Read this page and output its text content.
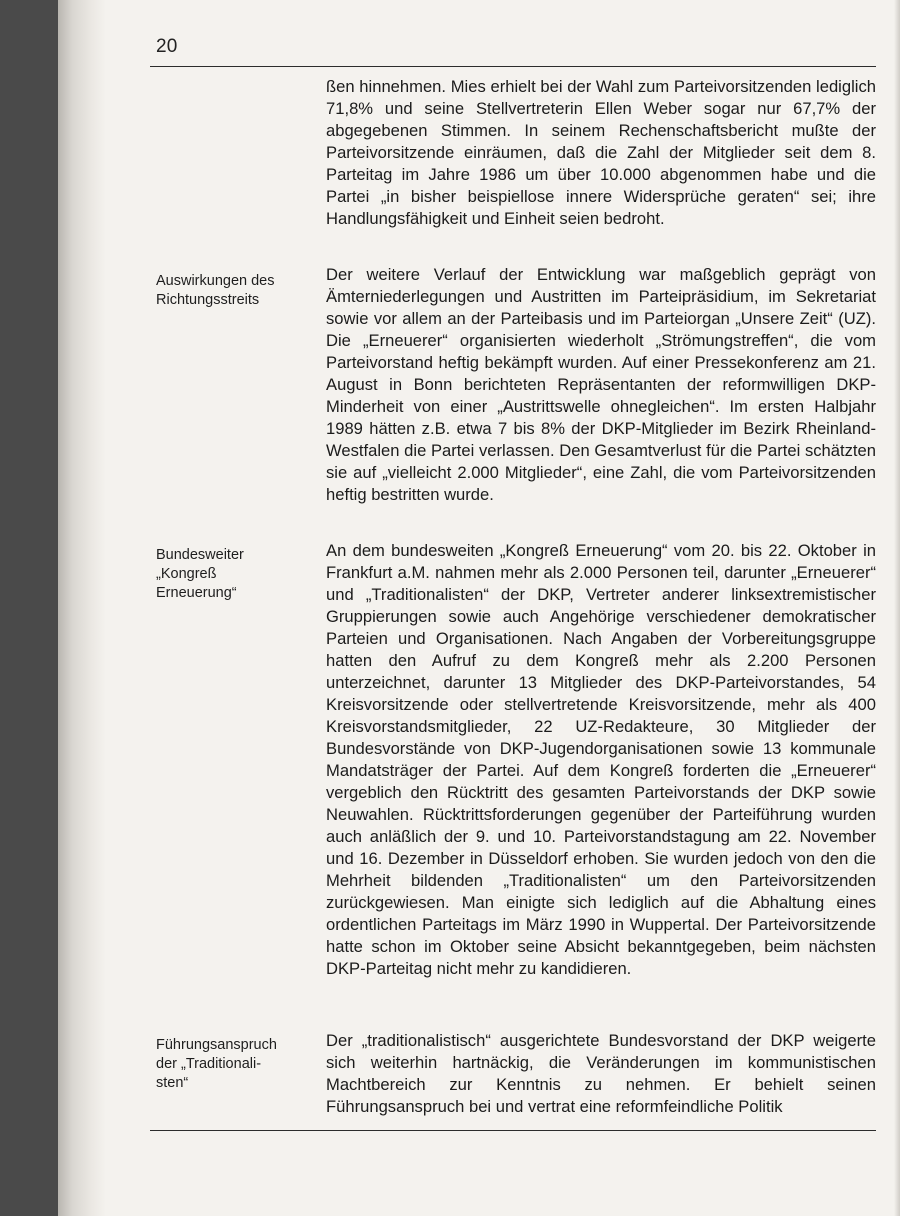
20
ßen hinnehmen. Mies erhielt bei der Wahl zum Parteivorsitzenden lediglich 71,8% und seine Stellvertreterin Ellen Weber sogar nur 67,7% der abgegebenen Stimmen. In seinem Rechenschaftsbericht mußte der Parteivorsitzende einräumen, daß die Zahl der Mitglieder seit dem 8. Parteitag im Jahre 1986 um über 10.000 abgenommen habe und die Partei „in bisher beispiellose innere Widersprüche geraten“ sei; ihre Handlungsfähigkeit und Einheit seien bedroht.
Auswirkungen des
Richtungsstreits
Der weitere Verlauf der Entwicklung war maßgeblich geprägt von Ämterniederlegungen und Austritten im Parteipräsidium, im Sekretariat sowie vor allem an der Parteibasis und im Parteiorgan „Unsere Zeit“ (UZ). Die „Erneuerer“ organisierten wiederholt „Strömungstreffen“, die vom Parteivorstand heftig bekämpft wurden. Auf einer Pressekonferenz am 21. August in Bonn berichteten Repräsentanten der reformwilligen DKP-Minderheit von einer „Austrittswelle ohnegleichen“. Im ersten Halbjahr 1989 hätten z.B. etwa 7 bis 8% der DKP-Mitglieder im Bezirk Rheinland-Westfalen die Partei verlassen. Den Gesamtverlust für die Partei schätzten sie auf „vielleicht 2.000 Mitglieder“, eine Zahl, die vom Parteivorsitzenden heftig bestritten wurde.
Bundesweiter
„Kongreß
Erneuerung“
An dem bundesweiten „Kongreß Erneuerung“ vom 20. bis 22. Oktober in Frankfurt a.M. nahmen mehr als 2.000 Personen teil, darunter „Erneuerer“ und „Traditionalisten“ der DKP, Vertreter anderer linksextremistischer Gruppierungen sowie auch Angehörige verschiedener demokratischer Parteien und Organisationen. Nach Angaben der Vorbereitungsgruppe hatten den Aufruf zu dem Kongreß mehr als 2.200 Personen unterzeichnet, darunter 13 Mitglieder des DKP-Parteivorstandes, 54 Kreisvorsitzende oder stellvertretende Kreisvorsitzende, mehr als 400 Kreisvorstandsmitglieder, 22 UZ-Redakteure, 30 Mitglieder der Bundesvorstände von DKP-Jugendorganisationen sowie 13 kommunale Mandatsträger der Partei. Auf dem Kongreß forderten die „Erneuerer“ vergeblich den Rücktritt des gesamten Parteivorstands der DKP sowie Neuwahlen. Rücktrittsforderungen gegenüber der Parteiführung wurden auch anläßlich der 9. und 10. Parteivorstandstagung am 22. November und 16. Dezember in Düsseldorf erhoben. Sie wurden jedoch von den die Mehrheit bildenden „Traditionalisten“ um den Parteivorsitzenden zurückgewiesen. Man einigte sich lediglich auf die Abhaltung eines ordentlichen Parteitags im März 1990 in Wuppertal. Der Parteivorsitzende hatte schon im Oktober seine Absicht bekanntgegeben, beim nächsten DKP-Parteitag nicht mehr zu kandidieren.
Führungsanspruch
der „Traditionali-
sten“
Der „traditionalistisch“ ausgerichtete Bundesvorstand der DKP weigerte sich weiterhin hartnäckig, die Veränderungen im kommunistischen Machtbereich zur Kenntnis zu nehmen. Er behielt seinen Führungsanspruch bei und vertrat eine reformfeindliche Politik
